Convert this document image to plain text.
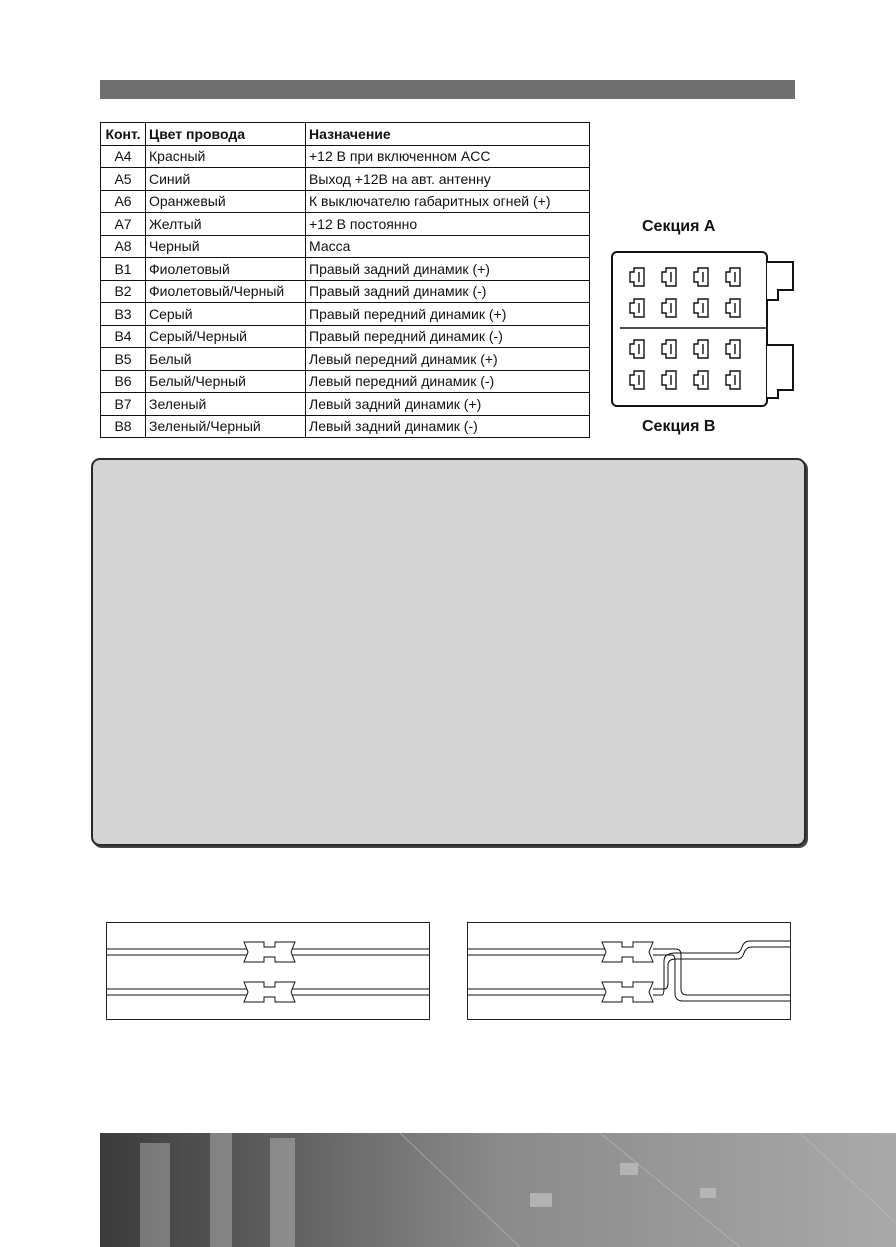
Конт.	Цвет провода	Назначение
A4	Красный	+12 В при включенном ACC
A5	Синий	Выход +12В на авт. антенну
A6	Оранжевый	К выключателю габаритных огней (+)
A7	Желтый	+12 В постоянно
A8	Черный	Масса
B1	Фиолетовый	Правый задний динамик (+)
B2	Фиолетовый/Черный	Правый задний динамик (-)
B3	Серый	Правый передний динамик (+)
B4	Серый/Черный	Правый передний динамик (-)
B5	Белый	Левый передний динамик (+)
B6	Белый/Черный	Левый передний динамик (-)
B7	Зеленый	Левый задний динамик (+)
B8	Зеленый/Черный	Левый задний динамик (-)
Секция А
Секция В
